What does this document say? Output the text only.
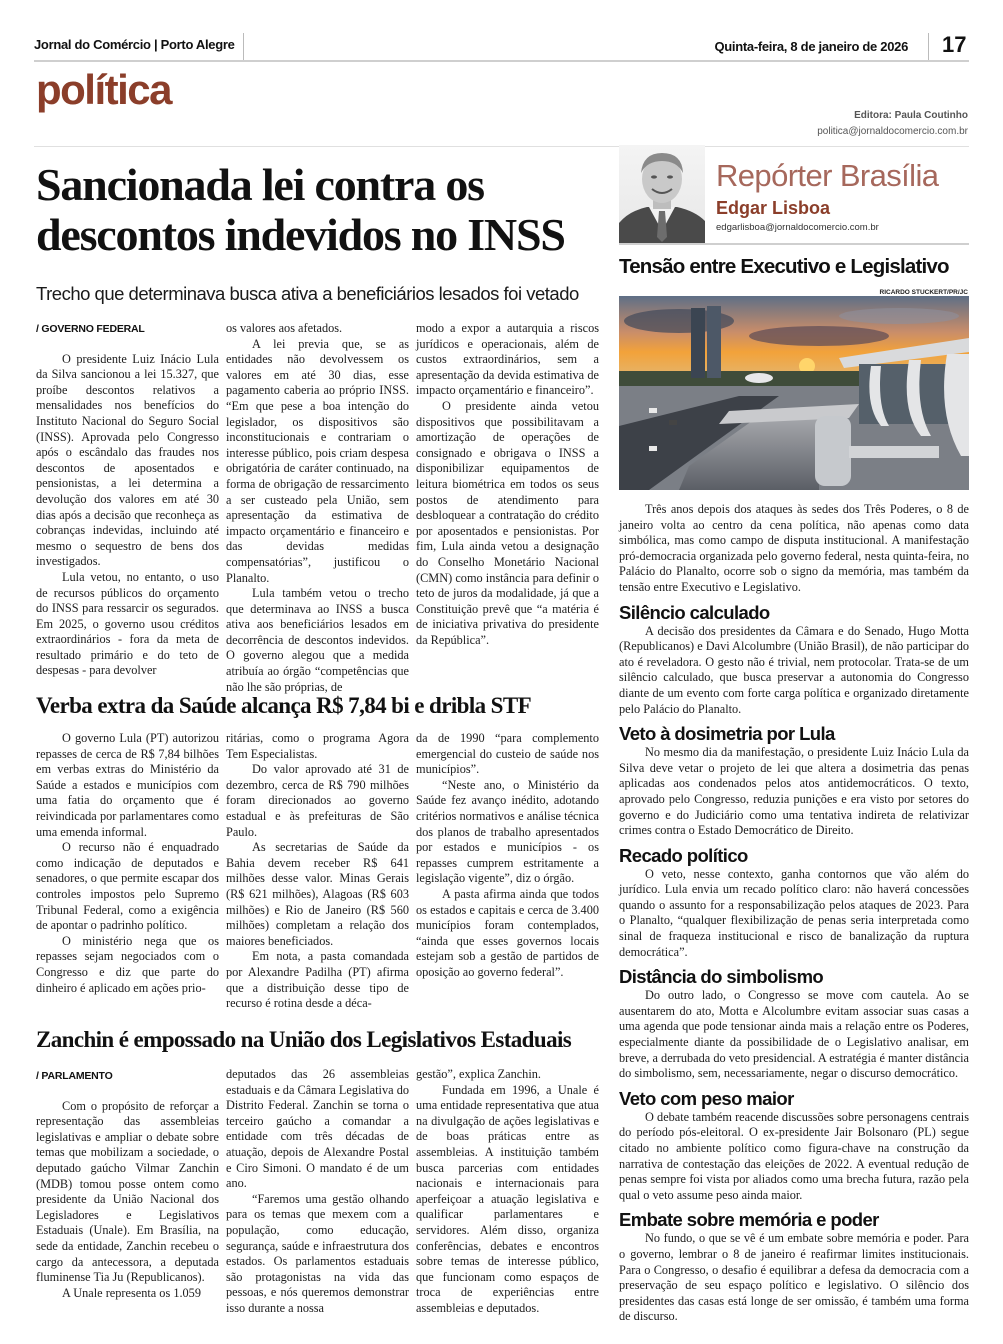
Jornal do Comércio | Porto Alegre	Quinta-feira, 8 de janeiro de 2026 17
política
Editora: Paula Coutinho
politica@jornaldocomercio.com.br
Sancionada lei contra os descontos indevidos no INSS
Trecho que determinava busca ativa a beneficiários lesados foi vetado
/ GOVERNO FEDERAL

O presidente Luiz Inácio Lula da Silva sancionou a lei 15.327, que proíbe descontos relativos a mensalidades nos benefícios do Instituto Nacional do Seguro Social (INSS). Aprovada pelo Congresso após o escândalo das fraudes nos descontos de aposentados e pensionistas, a lei determina a devolução dos valores em até 30 dias após a decisão que reconheça as cobranças indevidas, incluindo até mesmo o sequestro de bens dos investigados.

Lula vetou, no entanto, o uso de recursos públicos do orçamento do INSS para ressarcir os segurados. Em 2025, o governo usou créditos extraordinários - fora da meta de resultado primário e do teto de despesas - para devolver

os valores aos afetados.

A lei previa que, se as entidades não devolvessem os valores em até 30 dias, esse pagamento caberia ao próprio INSS. “Em que pese a boa intenção do legislador, os dispositivos são inconstitucionais e contrariam o interesse público, pois criam despesa obrigatória de caráter continuado, na forma de obrigação de ressarcimento a ser custeado pela União, sem apresentação da estimativa de impacto orçamentário e financeiro e das devidas medidas compensatórias”, justificou o Planalto.

Lula também vetou o trecho que determinava ao INSS a busca ativa aos beneficiários lesados em decorrência de descontos indevidos. O governo alegou que a medida atribuía ao órgão “competências que não lhe são próprias, de

modo a expor a autarquia a riscos jurídicos e operacionais, além de custos extraordinários, sem a apresentação da devida estimativa de impacto orçamentário e financeiro”.

O presidente ainda vetou dispositivos que possibilitavam a amortização de operações de consignado e obrigava o INSS a disponibilizar equipamentos de leitura biométrica em todos os seus postos de atendimento para desbloquear a contratação do crédito por aposentados e pensionistas. Por fim, Lula ainda vetou a designação do Conselho Monetário Nacional (CMN) como instância para definir o teto de juros da modalidade, já que a Constituição prevê que “a matéria é de iniciativa privativa do presidente da República”.

Verba extra da Saúde alcança R$ 7,84 bi e dribla STF

O governo Lula (PT) autorizou repasses de cerca de R$ 7,84 bilhões em verbas extras do Ministério da Saúde a estados e municípios com uma fatia do orçamento que é reivindicada por parlamentares como uma emenda informal.

O recurso não é enquadrado como indicação de deputados e senadores, o que permite escapar dos controles impostos pelo Supremo Tribunal Federal, como a exigência de apontar o padrinho político.

O ministério nega que os repasses sejam negociados com o Congresso e diz que parte do dinheiro é aplicado em ações prio-

ritárias, como o programa Agora Tem Especialistas.

Do valor aprovado até 31 de dezembro, cerca de R$ 790 milhões foram direcionados ao governo estadual e às prefeituras de São Paulo.

As secretarias de Saúde da Bahia devem receber R$ 641 milhões desse valor. Minas Gerais (R$ 621 milhões), Alagoas (R$ 603 milhões) e Rio de Janeiro (R$ 560 milhões) completam a relação dos maiores beneficiados.

Em nota, a pasta comandada por Alexandre Padilha (PT) afirma que a distribuição desse tipo de recurso é rotina desde a déca-

da de 1990 “para complemento emergencial do custeio de saúde nos municípios”.

“Neste ano, o Ministério da Saúde fez avanço inédito, adotando critérios normativos e análise técnica dos planos de trabalho apresentados por estados e municípios - os repasses cumprem estritamente a legislação vigente”, diz o órgão.

A pasta afirma ainda que todos os estados e capitais e cerca de 3.400 municípios foram contemplados, “ainda que esses governos locais estejam sob a gestão de partidos de oposição ao governo federal”.

Zanchin é empossado na União dos Legislativos Estaduais
/ PARLAMENTO

Com o propósito de reforçar a representação das assembleias legislativas e ampliar o debate sobre temas que mobilizam a sociedade, o deputado gaúcho Vilmar Zanchin (MDB) tomou posse ontem como presidente da União Nacional dos Legisladores e Legislativos Estaduais (Unale). Em Brasília, na sede da entidade, Zanchin recebeu o cargo da antecessora, a deputada fluminense Tia Ju (Republicanos).

A Unale representa os 1.059

deputados das 26 assembleias estaduais e da Câmara Legislativa do Distrito Federal. Zanchin se torna o terceiro gaúcho a comandar a entidade com três décadas de atuação, depois de Alexandre Postal e Ciro Simoni. O mandato é de um ano.

“Faremos uma gestão olhando para os temas que mexem com a população, como educação, segurança, saúde e infraestrutura dos estados. Os parlamentos estaduais são protagonistas na vida das pessoas, e nós queremos demonstrar isso durante a nossa

gestão”, explica Zanchin.

Fundada em 1996, a Unale é uma entidade representativa que atua na divulgação de ações legislativas e de boas práticas entre as assembleias. A instituição também busca parcerias com entidades nacionais e internacionais para aperfeiçoar a atuação legislativa e qualificar parlamentares e servidores. Além disso, organiza conferências, debates e encontros sobre temas de interesse público, que funcionam como espaços de troca de experiências entre assembleias e deputados.

Repórter Brasília
Edgar Lisboa
edgarlisboa@jornaldocomercio.com.br
Tensão entre Executivo e Legislativo
RICARDO STUCKERT/PR/JC

Três anos depois dos ataques às sedes dos Três Poderes, o 8 de janeiro volta ao centro da cena política, não apenas como data simbólica, mas como campo de disputa institucional. A manifestação pró-democracia organizada pelo governo federal, nesta quinta-feira, no Palácio do Planalto, ocorre sob o signo da memória, mas também da tensão entre Executivo e Legislativo.

Silêncio calculado

A decisão dos presidentes da Câmara e do Senado, Hugo Motta (Republicanos) e Davi Alcolumbre (União Brasil), de não participar do ato é reveladora. O gesto não é trivial, nem protocolar. Trata-se de um silêncio calculado, que busca preservar a autonomia do Congresso diante de um evento com forte carga política e organizado diretamente pelo Palácio do Planalto.

Veto à dosimetria por Lula

No mesmo dia da manifestação, o presidente Luiz Inácio Lula da Silva deve vetar o projeto de lei que altera a dosimetria das penas aplicadas aos condenados pelos atos antidemocráticos. O texto, aprovado pelo Congresso, reduzia punições e era visto por setores do governo e do Judiciário como uma tentativa indireta de relativizar crimes contra o Estado Democrático de Direito.

Recado político

O veto, nesse contexto, ganha contornos que vão além do jurídico. Lula envia um recado político claro: não haverá concessões quando o assunto for a responsabilização pelos ataques de 2023. Para o Planalto, “qualquer flexibilização de penas seria interpretada como sinal de fraqueza institucional e risco de banalização da ruptura democrática”.

Distância do simbolismo

Do outro lado, o Congresso se move com cautela. Ao se ausentarem do ato, Motta e Alcolumbre evitam associar suas casas a uma agenda que pode tensionar ainda mais a relação entre os Poderes, especialmente diante da possibilidade de o Legislativo analisar, em breve, a derrubada do veto presidencial. A estratégia é manter distância do simbolismo, sem, necessariamente, negar o discurso democrático.

Veto com peso maior

O debate também reacende discussões sobre personagens centrais do período pós-eleitoral. O ex-presidente Jair Bolsonaro (PL) segue citado no ambiente político como figura-chave na construção da narrativa de contestação das eleições de 2022. A eventual redução de penas sempre foi vista por aliados como uma brecha futura, razão pela qual o veto assume peso ainda maior.

Embate sobre memória e poder

No fundo, o que se vê é um embate sobre memória e poder. Para o governo, lembrar o 8 de janeiro é reafirmar limites institucionais. Para o Congresso, o desafio é equilibrar a defesa da democracia com a preservação de seu espaço político e legislativo. O silêncio dos presidentes das casas está longe de ser omissão, é também uma forma de discurso.
